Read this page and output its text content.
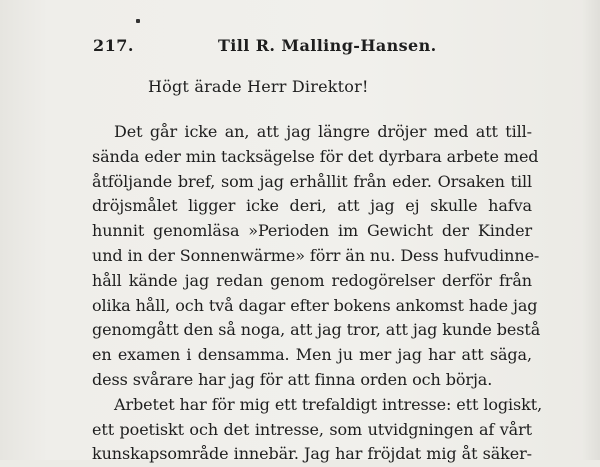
217.	Till R. Malling-Hansen.
Högt ärade Herr Direktor!
Det går icke an, att jag längre dröjer med att till-
sända eder min tacksägelse för det dyrbara arbete med
åtföljande bref, som jag erhållit från eder. Orsaken till
dröjsmålet ligger icke deri, att jag ej skulle hafva
hunnit genomläsa »Perioden im Gewicht der Kinder
und in der Sonnenwärme» förr än nu. Dess hufvudinne-
håll kände jag redan genom redogörelser derför från
olika håll, och två dagar efter bokens ankomst hade jag
genomgått den så noga, att jag tror, att jag kunde bestå
en examen i densamma. Men ju mer jag har att säga,
dess svårare har jag för att finna orden och börja.
Arbetet har för mig ett trefaldigt intresse: ett logiskt,
ett poetiskt och det intresse, som utvidgningen af vårt
kunskapsområde innebär. Jag har fröjdat mig åt säker-
